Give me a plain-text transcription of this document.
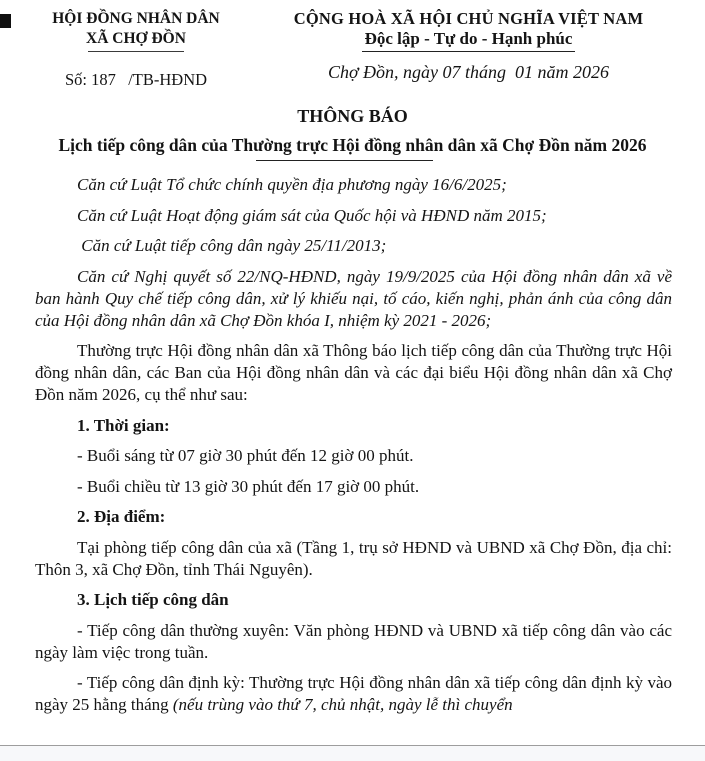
HỘI ĐỒNG NHÂN DÂN
XÃ CHỢ ĐỒN
Số: 187   /TB-HĐND
CỘNG HOÀ XÃ HỘI CHỦ NGHĨA VIỆT NAM
Độc lập - Tự do - Hạnh phúc
Chợ Đồn, ngày 07 tháng  01 năm 2026
THÔNG BÁO
Lịch tiếp công dân của Thường trực Hội đồng nhân dân xã Chợ Đồn năm 2026

Căn cứ Luật Tổ chức chính quyền địa phương ngày 16/6/2025;

Căn cứ Luật Hoạt động giám sát của Quốc hội và HĐND năm 2015;

Căn cứ Luật tiếp công dân ngày 25/11/2013;

Căn cứ Nghị quyết số 22/NQ-HĐND, ngày 19/9/2025 của Hội đồng nhân dân xã về ban hành Quy chế tiếp công dân, xử lý khiếu nại, tố cáo, kiến nghị, phản ánh của công dân của Hội đồng nhân dân xã Chợ Đồn khóa I, nhiệm kỳ 2021 - 2026;

Thường trực Hội đồng nhân dân xã Thông báo lịch tiếp công dân của Thường trực Hội đồng nhân dân, các Ban của Hội đồng nhân dân và các đại biểu Hội đồng nhân dân xã Chợ Đồn năm 2026, cụ thể như sau:

1. Thời gian:

- Buổi sáng từ 07 giờ 30 phút đến 12 giờ 00 phút.

- Buổi chiều từ 13 giờ 30 phút đến 17 giờ 00 phút.

2. Địa điểm:

Tại phòng tiếp công dân của xã (Tầng 1, trụ sở HĐND và UBND xã Chợ Đồn, địa chỉ: Thôn 3, xã Chợ Đồn, tỉnh Thái Nguyên).

3. Lịch tiếp công dân

- Tiếp công dân thường xuyên: Văn phòng HĐND và UBND xã tiếp công dân vào các ngày làm việc trong tuần.

- Tiếp công dân định kỳ: Thường trực Hội đồng nhân dân xã tiếp công dân định kỳ vào ngày 25 hằng tháng (nếu trùng vào thứ 7, chủ nhật, ngày lễ thì chuyển
